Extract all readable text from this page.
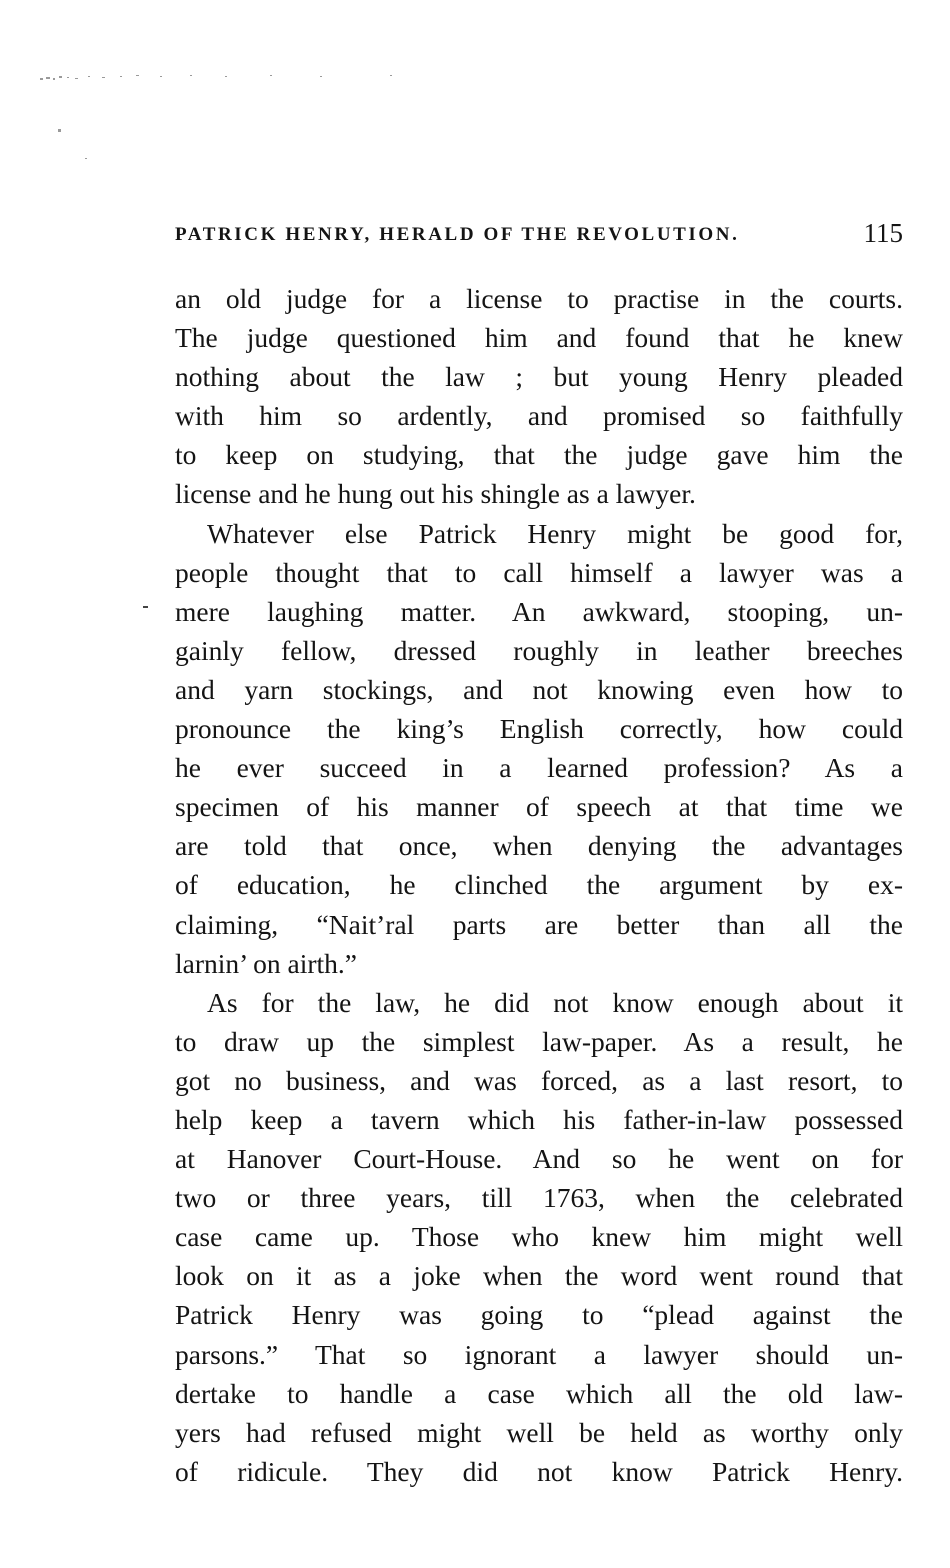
PATRICK HENRY, HERALD OF THE REVOLUTION.	115
an old judge for a license to practise in the courts.
The judge questioned him and found that he knew
nothing about the law ; but young Henry pleaded
with him so ardently, and promised so faithfully
to keep on studying, that the judge gave him the
license and he hung out his shingle as a lawyer.
Whatever else Patrick Henry might be good for,
people thought that to call himself a lawyer was a
mere laughing matter. An awkward, stooping, un-
gainly fellow, dressed roughly in leather breeches
and yarn stockings, and not knowing even how to
pronounce the king’s English correctly, how could
he ever succeed in a learned profession? As a
specimen of his manner of speech at that time we
are told that once, when denying the advantages
of education, he clinched the argument by ex-
claiming, “Nait’ral parts are better than all the
larnin’ on airth.”
As for the law, he did not know enough about it
to draw up the simplest law-paper. As a result, he
got no business, and was forced, as a last resort, to
help keep a tavern which his father-in-law possessed
at Hanover Court-House. And so he went on for
two or three years, till 1763, when the celebrated
case came up. Those who knew him might well
look on it as a joke when the word went round that
Patrick Henry was going to “plead against the
parsons.” That so ignorant a lawyer should un-
dertake to handle a case which all the old law-
yers had refused might well be held as worthy only
of ridicule. They did not know Patrick Henry.
